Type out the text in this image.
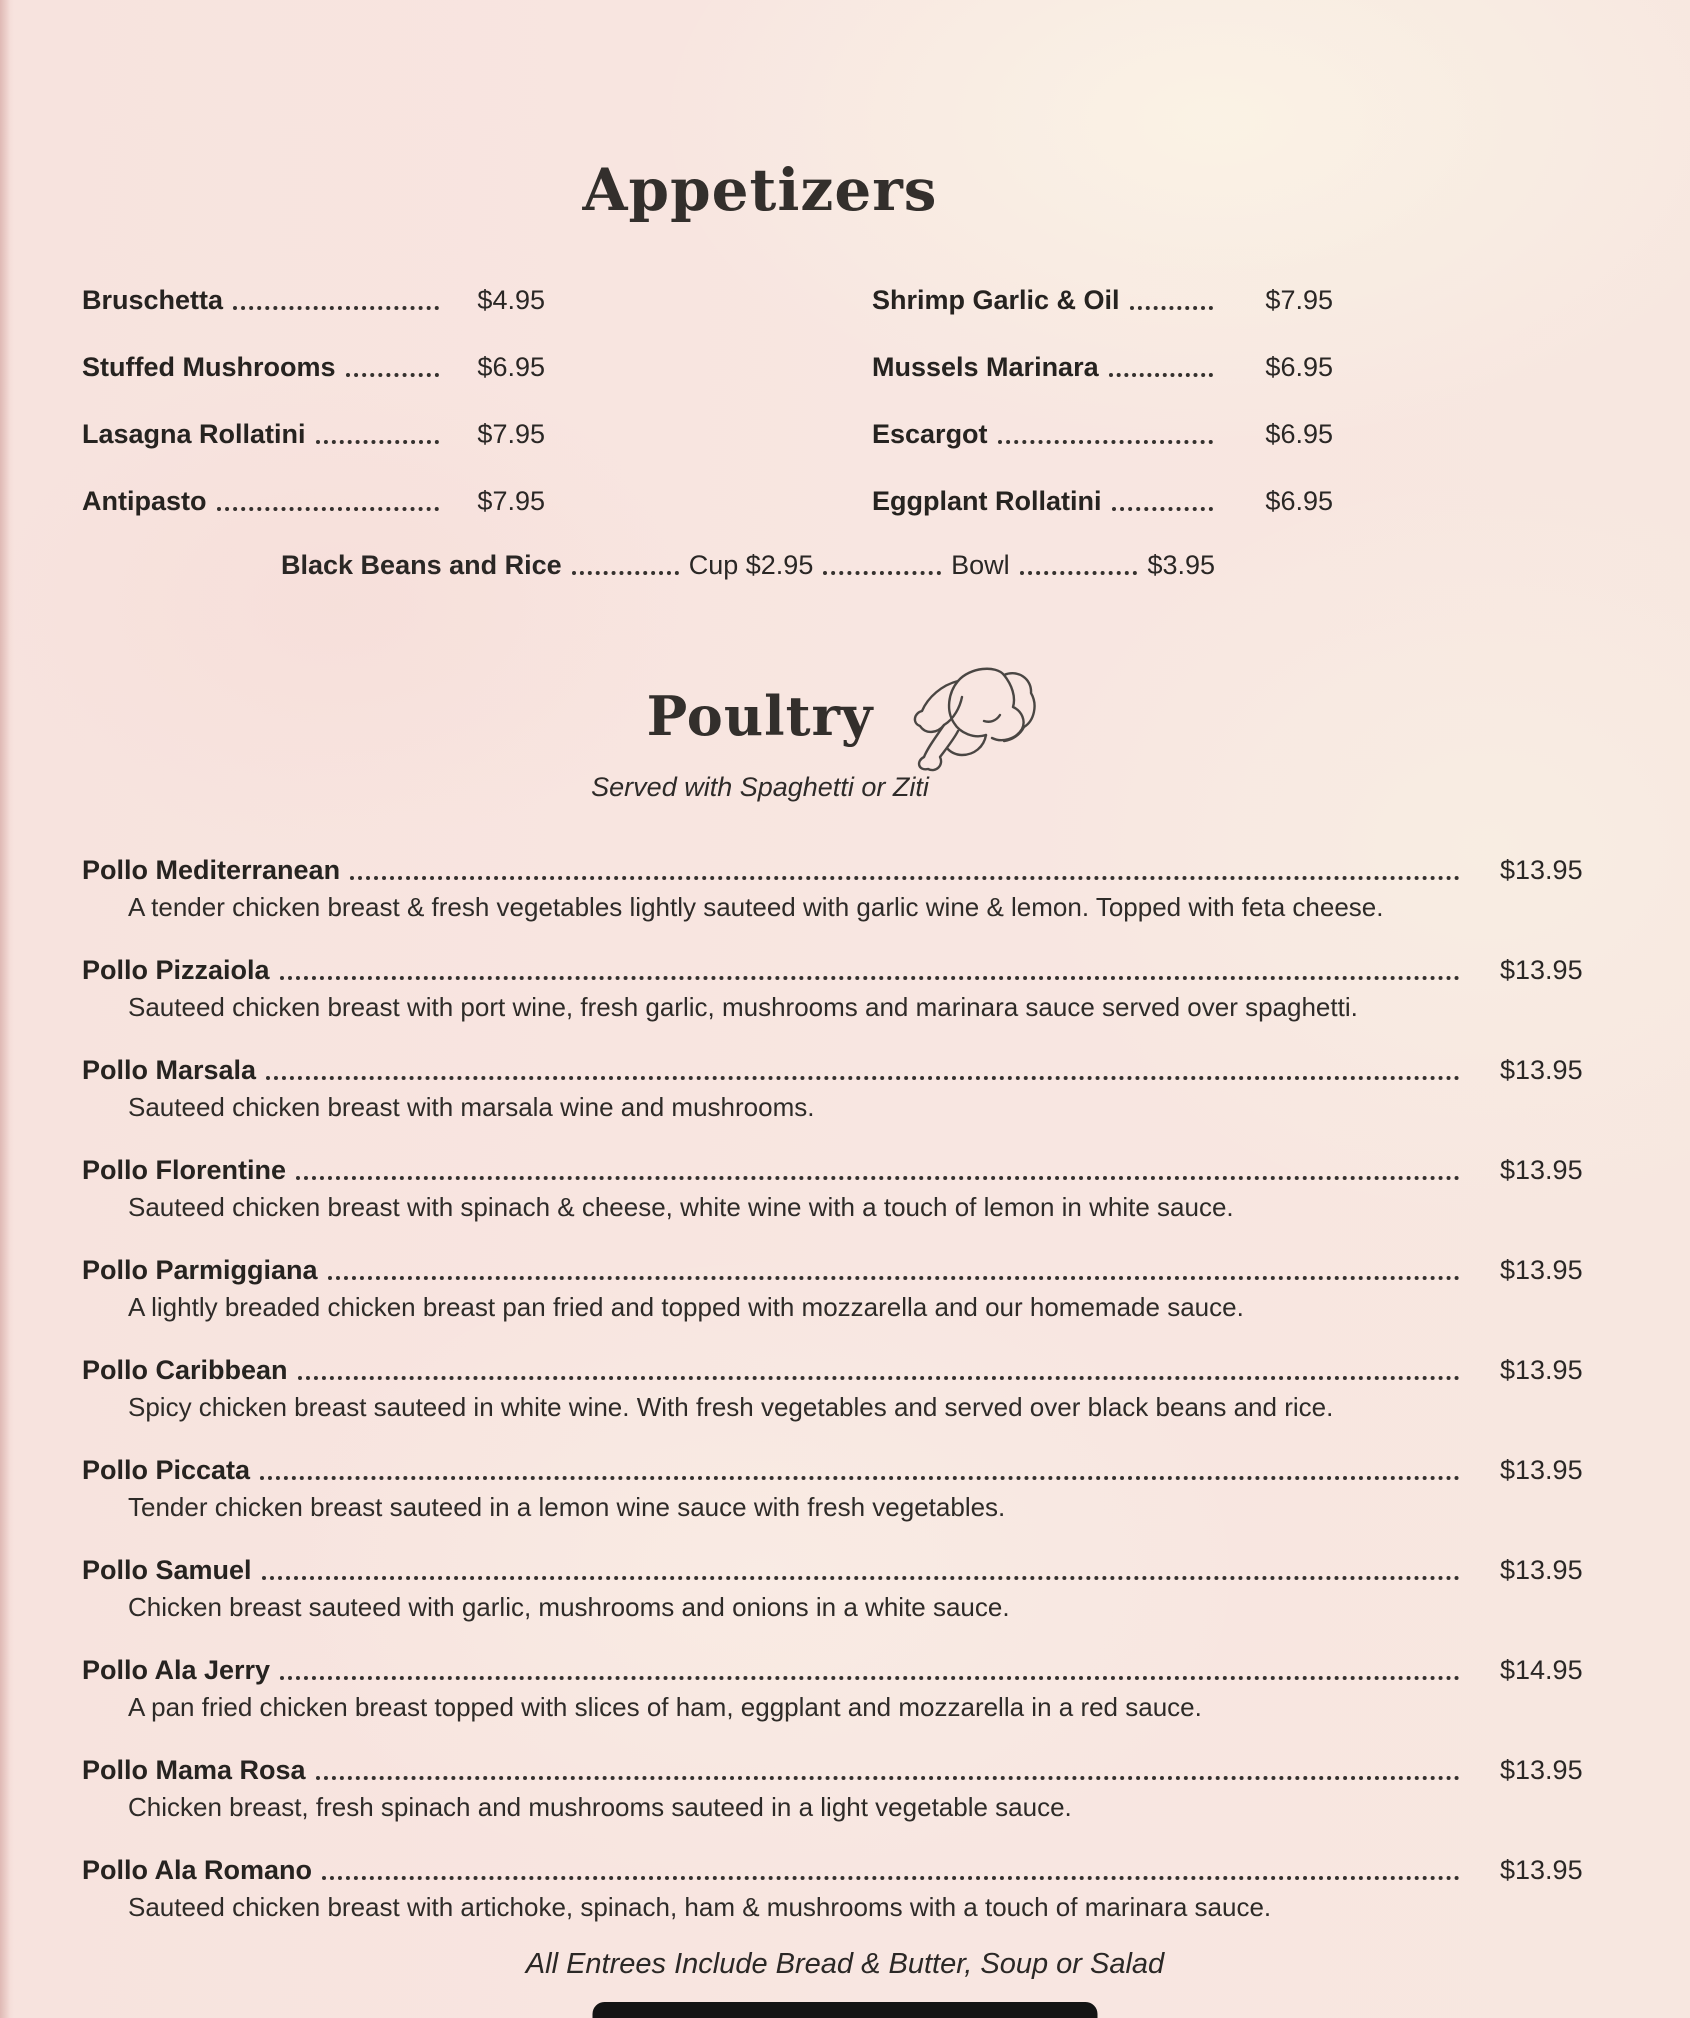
Appetizers
Bruschetta	$4.95	Shrimp Garlic & Oil	$7.95
Stuffed Mushrooms	$6.95	Mussels Marinara	$6.95
Lasagna Rollatini	$7.95	Escargot	$6.95
Antipasto	$7.95	Eggplant Rollatini	$6.95
Black Beans and Rice	Cup $2.95	Bowl	$3.95
Poultry
Served with Spaghetti or Ziti
Pollo Mediterranean	$13.95
A tender chicken breast & fresh vegetables lightly sauteed with garlic wine & lemon. Topped with feta cheese.
Pollo Pizzaiola	$13.95
Sauteed chicken breast with port wine, fresh garlic, mushrooms and marinara sauce served over spaghetti.
Pollo Marsala	$13.95
Sauteed chicken breast with marsala wine and mushrooms.
Pollo Florentine	$13.95
Sauteed chicken breast with spinach & cheese, white wine with a touch of lemon in white sauce.
Pollo Parmiggiana	$13.95
A lightly breaded chicken breast pan fried and topped with mozzarella and our homemade sauce.
Pollo Caribbean	$13.95
Spicy chicken breast sauteed in white wine. With fresh vegetables and served over black beans and rice.
Pollo Piccata	$13.95
Tender chicken breast sauteed in a lemon wine sauce with fresh vegetables.
Pollo Samuel	$13.95
Chicken breast sauteed with garlic, mushrooms and onions in a white sauce.
Pollo Ala Jerry	$14.95
A pan fried chicken breast topped with slices of ham, eggplant and mozzarella in a red sauce.
Pollo Mama Rosa	$13.95
Chicken breast, fresh spinach and mushrooms sauteed in a light vegetable sauce.
Pollo Ala Romano	$13.95
Sauteed chicken breast with artichoke, spinach, ham & mushrooms with a touch of marinara sauce.
All Entrees Include Bread & Butter, Soup or Salad
